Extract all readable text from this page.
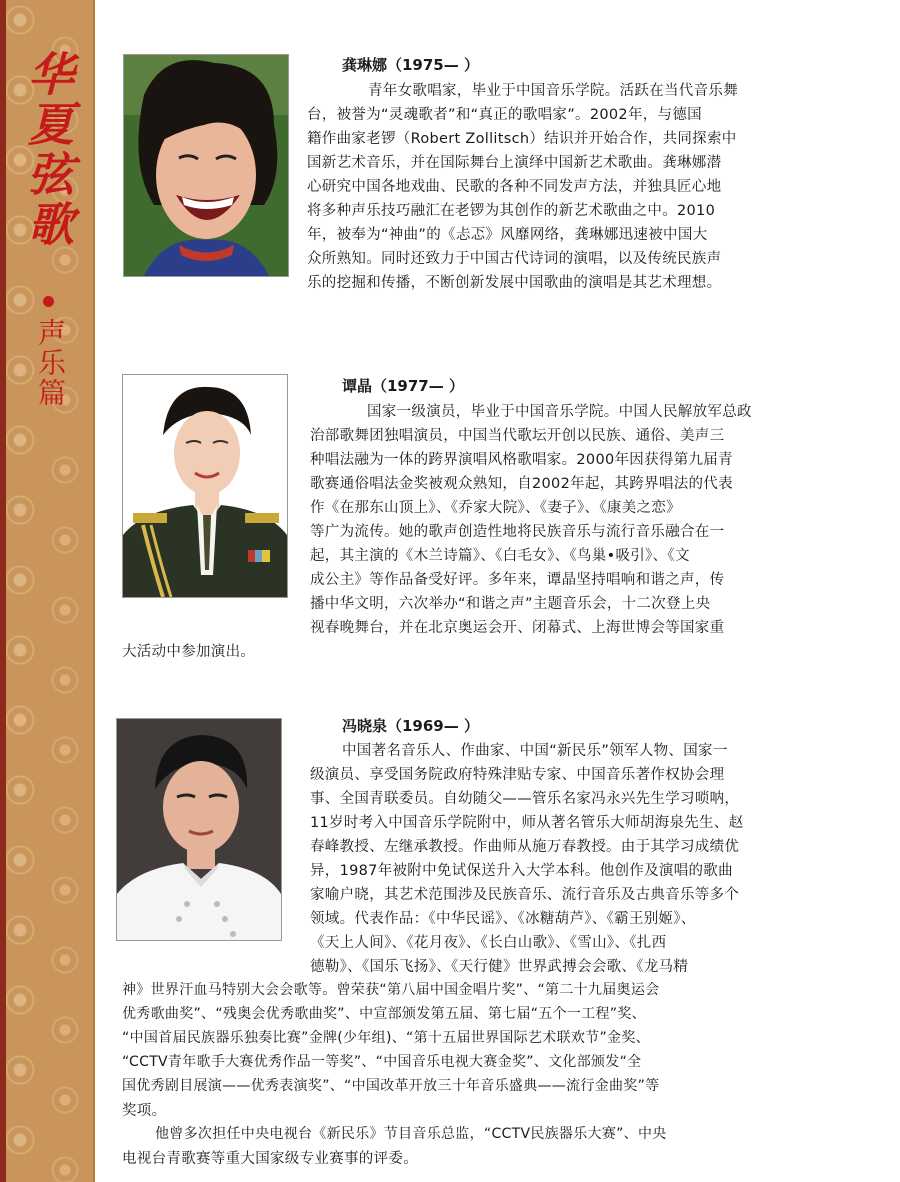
华夏弦歌
声乐篇
龚琳娜（1975— ）
青年女歌唱家，毕业于中国音乐学院。活跃在当代音乐舞
台，被誉为“灵魂歌者”和“真正的歌唱家”。2002年，与德国
籍作曲家老锣（Robert Zollitsch）结识并开始合作，共同探索中
国新艺术音乐，并在国际舞台上演绎中国新艺术歌曲。龚琳娜潜
心研究中国各地戏曲、民歌的各种不同发声方法，并独具匠心地
将多种声乐技巧融汇在老锣为其创作的新艺术歌曲之中。2010
年，被奉为“神曲”的《忐忑》风靡网络，龚琳娜迅速被中国大
众所熟知。同时还致力于中国古代诗词的演唱，以及传统民族声
乐的挖掘和传播，不断创新发展中国歌曲的演唱是其艺术理想。
谭晶（1977— ）
国家一级演员，毕业于中国音乐学院。中国人民解放军总政
治部歌舞团独唱演员，中国当代歌坛开创以民族、通俗、美声三
种唱法融为一体的跨界演唱风格歌唱家。2000年因获得第九届青
歌赛通俗唱法金奖被观众熟知，自2002年起，其跨界唱法的代表
作《在那东山顶上》、《乔家大院》、《妻子》、《康美之恋》
等广为流传。她的歌声创造性地将民族音乐与流行音乐融合在一
起，其主演的《木兰诗篇》、《白毛女》、《鸟巢•吸引》、《文
成公主》等作品备受好评。多年来，谭晶坚持唱响和谐之声，传
播中华文明，六次举办“和谐之声”主题音乐会，十二次登上央
视春晚舞台，并在北京奥运会开、闭幕式、上海世博会等国家重
大活动中参加演出。
冯晓泉（1969— ）
中国著名音乐人、作曲家、中国“新民乐”领军人物、国家一
级演员、享受国务院政府特殊津贴专家、中国音乐著作权协会理
事、全国青联委员。自幼随父——管乐名家冯永兴先生学习唢呐，
11岁时考入中国音乐学院附中，师从著名管乐大师胡海泉先生、赵
春峰教授、左继承教授。作曲师从施万春教授。由于其学习成绩优
异，1987年被附中免试保送升入大学本科。他创作及演唱的歌曲
家喻户晓，其艺术范围涉及民族音乐、流行音乐及古典音乐等多个
领域。代表作品：《中华民谣》、《冰糖葫芦》、《霸王别姬》、
《天上人间》、《花月夜》、《长白山歌》、《雪山》、《扎西
德勒》、《国乐飞扬》、《天行健》世界武搏会会歌、《龙马精
神》世界汗血马特别大会会歌等。曾荣获“第八届中国金唱片奖”、“第二十九届奥运会
优秀歌曲奖”、“残奥会优秀歌曲奖”、中宣部颁发第五届、第七届“五个一工程”奖、
“中国首届民族器乐独奏比赛”金牌(少年组)、“第十五届世界国际艺术联欢节”金奖、
“CCTV青年歌手大赛优秀作品一等奖”、“中国音乐电视大赛金奖”、文化部颁发“全
国优秀剧目展演——优秀表演奖”、“中国改革开放三十年音乐盛典——流行金曲奖”等
奖项。
他曾多次担任中央电视台《新民乐》节目音乐总监，“CCTV民族器乐大赛”、中央
电视台青歌赛等重大国家级专业赛事的评委。
